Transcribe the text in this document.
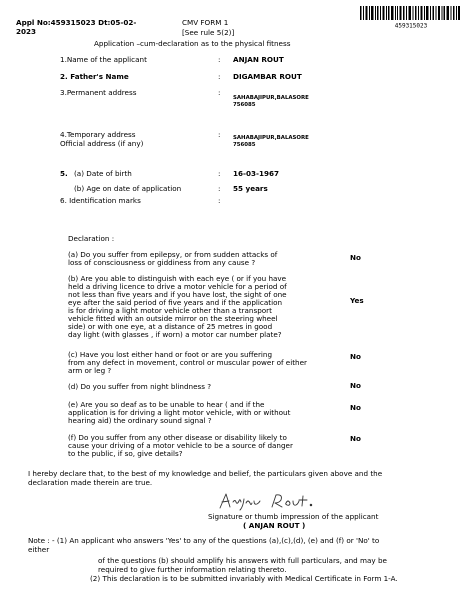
Appl No:459315023 Dt:05-02-
2023
CMV FORM 1
[See rule 5(2)]
459315023
Application –cum-declaration as to the physical fitness
1.Name of the applicant	: ANJAN ROUT
2. Father's Name	: DIGAMBAR ROUT
3.Permanent address	:
SAHABAJIPUR,BALASORE
756085
4.Temporary address
Official address (if any)
: SAHABAJIPUR,BALASORE
756085
5. (a) Date of birth	: 16-03-1967
(b) Age on date of application	: 55 years
6. Identification marks	:
Declaration :
(a) Do you suffer from epilepsy, or from sudden attacks of
loss of consciousness or giddiness from any cause ?
No
(b) Are you able to distinguish with each eye ( or if you have
held a driving licence to drive a motor vehicle for a period of
not less than five years and if you have lost, the sight of one
eye after the said period of five years and if the application
is for driving a light motor vehicle other than a transport
vehicle fitted with an outside mirror on the steering wheel
side) or with one eye, at a distance of 25 metres in good
day light (with glasses , if worn) a motor car number plate?
Yes
(c) Have you lost either hand or foot or are you suffering
from any defect in movement, control or muscular power of either
arm or leg ?
No
(d) Do you suffer from night blindness ?	No
(e) Are you so deaf as to be unable to hear ( and if the
application is for driving a light motor vehicle, with or without
hearing aid) the ordinary sound signal ?
No
(f) Do you suffer from any other disease or disability likely to
cause your driving of a motor vehicle to be a source of danger
to the public, if so, give details?
No
I hereby declare that, to the best of my knowledge and belief, the particulars given above and the
declaration made therein are true.
Anjan Rout
Signature or thumb impression of the applicant
( ANJAN ROUT )
Note : - (1) An applicant who answers 'Yes' to any of the questions (a),(c),(d), (e) and (f) or 'No' to
either
of the questions (b) should amplify his answers with full particulars, and may be
required to give further information relating thereto.
(2) This declaration is to be submitted invariably with Medical Certificate in Form 1-A.
